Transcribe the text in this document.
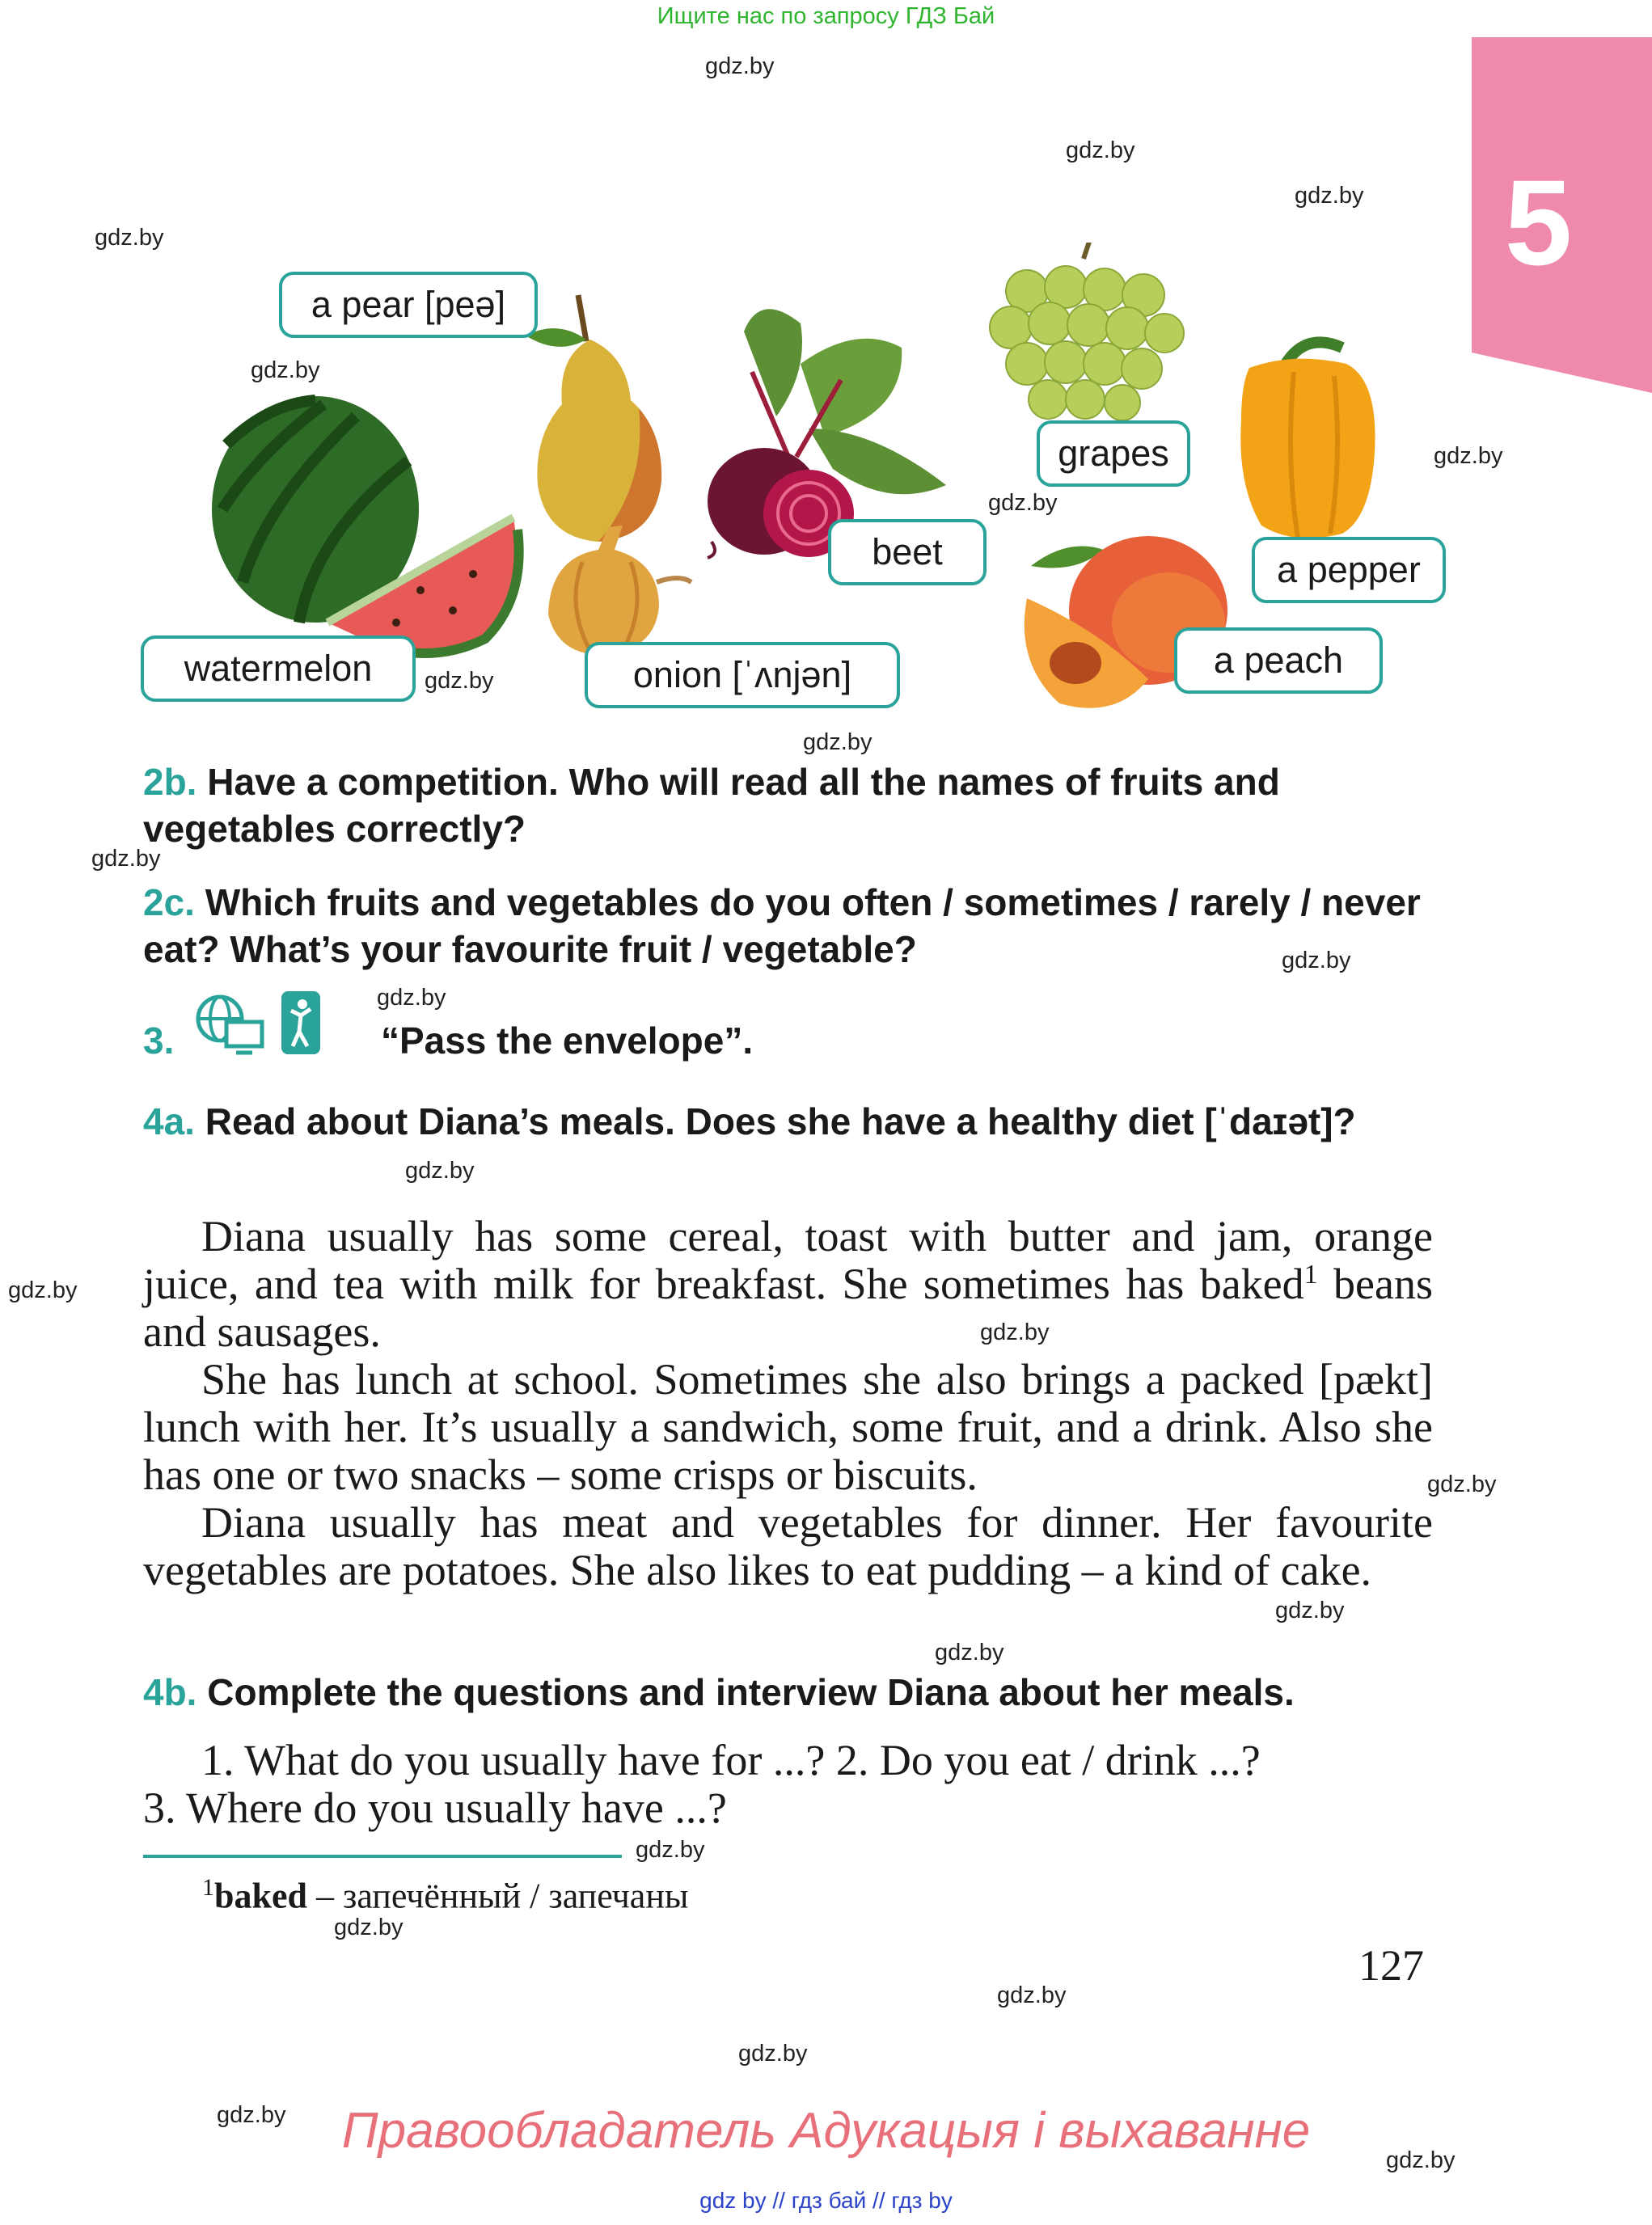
Ищите нас по запросу ГДЗ Бай
5
gdz.by
gdz.by
gdz.by
gdz.by
gdz.by
gdz.by
gdz.by
gdz.by
gdz.by
gdz.by
gdz.by
gdz.by
gdz.by
gdz.by
gdz.by
gdz.by
gdz.by
gdz.by
gdz.by
gdz.by
gdz.by
gdz.by
gdz.by
gdz.by
a pear [peə]
grapes
beet	a pepper
watermelon	onion [ˈʌnjən]	a peach
2b. Have a competition. Who will read all the names of fruits and vegetables correctly?
2c. Which fruits and vegetables do you often / sometimes / rarely / never eat? What’s your favourite fruit / vegetable?
3.	“Pass the envelope”.
4a. Read about Diana’s meals. Does she have a healthy diet [ˈdaɪət]?

Diana usually has some cereal, toast with butter and jam, orange juice, and tea with milk for breakfast. She sometimes has baked$^1$ beans and sausages.

She has lunch at school. Sometimes she also brings a packed [pækt] lunch with her. It’s usually a sandwich, some fruit, and a drink. Also she has one or two snacks – some crisps or biscuits.

Diana usually has meat and vegetables for dinner. Her favourite vegetables are potatoes. She also likes to eat pudding – a kind of cake.

4b. Complete the questions and interview Diana about her meals.

1. What do you usually have for ...? 2. Do you eat / drink ...?

3. Where do you usually have ...?

$^1$baked – запечённый / запечаны
127
Правообладатель Адукацыя і выхаванне
gdz by // гдз бай // гдз by
